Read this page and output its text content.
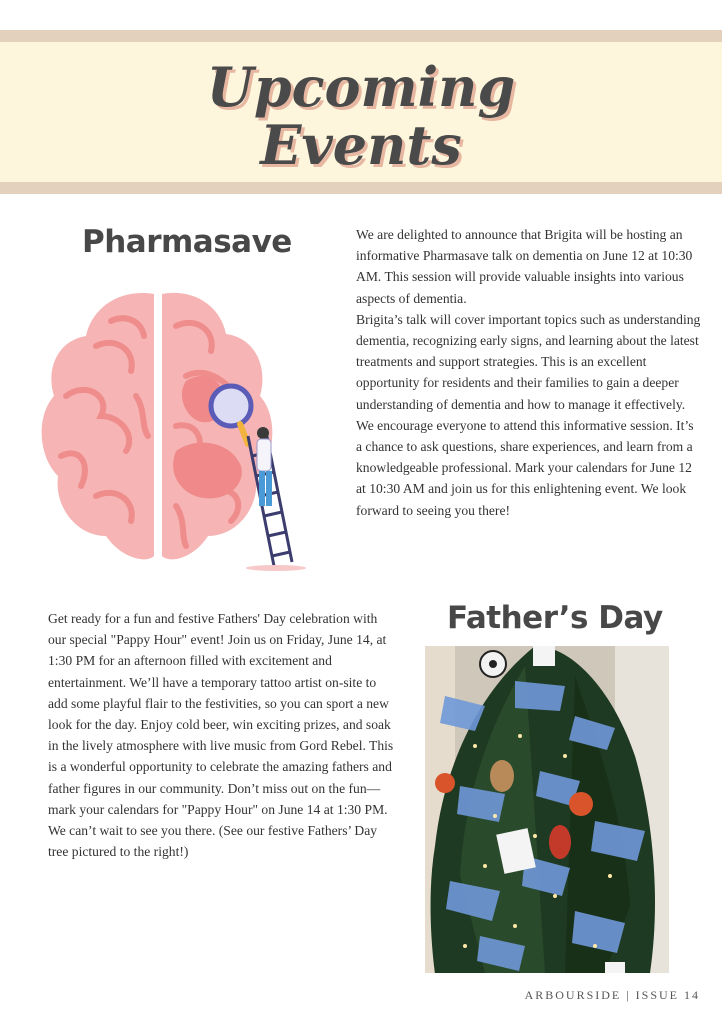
Upcoming
Events
Pharmasave	We are delighted to announce that Brigita will be hosting an informative Pharmasave talk on dementia on June 12 at 10:30 AM. This session will provide valuable insights into various aspects of dementia.

Brigita’s talk will cover important topics such as understanding dementia, recognizing early signs, and learning about the latest treatments and support strategies. This is an excellent opportunity for residents and their families to gain a deeper understanding of dementia and how to manage it effectively.

We encourage everyone to attend this informative session. It’s a chance to ask questions, share experiences, and learn from a knowledgeable professional. Mark your calendars for June 12 at 10:30 AM and join us for this enlightening event. We look forward to seeing you there!

Get ready for a fun and festive Fathers' Day celebration with our special "Pappy Hour" event! Join us on Friday, June 14, at 1:30 PM for an afternoon filled with excitement and entertainment. We’ll have a temporary tattoo artist on-site to add some playful flair to the festivities, so you can sport a new look for the day. Enjoy cold beer, win exciting prizes, and soak in the lively atmosphere with live music from Gord Rebel. This is a wonderful opportunity to celebrate the amazing fathers and father figures in our community. Don’t miss out on the fun—mark your calendars for "Pappy Hour" on June 14 at 1:30 PM. We can’t wait to see you there. (See our festive Fathers’ Day tree pictured to the right!)

Father’s Day
ARBOURSIDE | ISSUE 14
